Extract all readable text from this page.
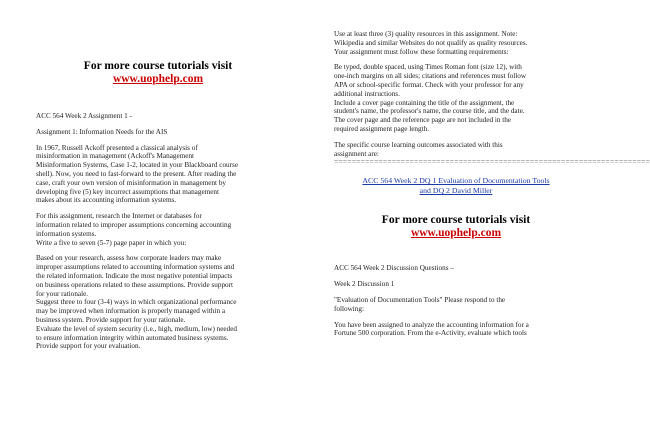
For more course tutorials visit
www.uophelp.com
ACC 564 Week 2 Assignment 1 -
Assignment 1: Information Needs for the AIS
In 1967, Russell Ackoff presented a classical analysis of
misinformation in management (Ackoff's Management
Misinformation Systems, Case 1-2, located in your Blackboard course
shell). Now, you need to fast-forward to the present. After reading the
case, craft your own version of misinformation in management by
developing five (5) key incorrect assumptions that management
makes about its accounting information systems.
For this assignment, research the Internet or databases for
information related to improper assumptions concerning accounting
information systems.
Write a five to seven (5-7) page paper in which you:
Based on your research, assess how corporate leaders may make
improper assumptions related to accounting information systems and
the related information. Indicate the most negative potential impacts
on business operations related to these assumptions. Provide support
for your rationale.
Suggest three to four (3-4) ways in which organizational performance
may be improved when information is properly managed within a
business system. Provide support for your rationale.
Evaluate the level of system security (i.e., high, medium, low) needed
to ensure information integrity within automated business systems.
Provide support for your evaluation.
Use at least three (3) quality resources in this assignment. Note:
Wikipedia and similar Websites do not qualify as quality resources.
Your assignment must follow these formatting requirements:
Be typed, double spaced, using Times Roman font (size 12), with
one-inch margins on all sides; citations and references must follow
APA or school-specific format. Check with your professor for any
additional instructions.
Include a cover page containing the title of the assignment, the
student's name, the professor's name, the course title, and the date.
The cover page and the reference page are not included in the
required assignment page length.
The specific course learning outcomes associated with this
assignment are:
=======================================================================
ACC 564 Week 2 DQ 1 Evaluation of Documentation Tools
and DQ 2 David Miller
For more course tutorials visit
www.uophelp.com
ACC 564 Week 2 Discussion Questions –
Week 2 Discussion 1
"Evaluation of Documentation Tools" Please respond to the
following:
You have been assigned to analyze the accounting information for a
Fortune 500 corporation. From the e-Activity, evaluate which tools
